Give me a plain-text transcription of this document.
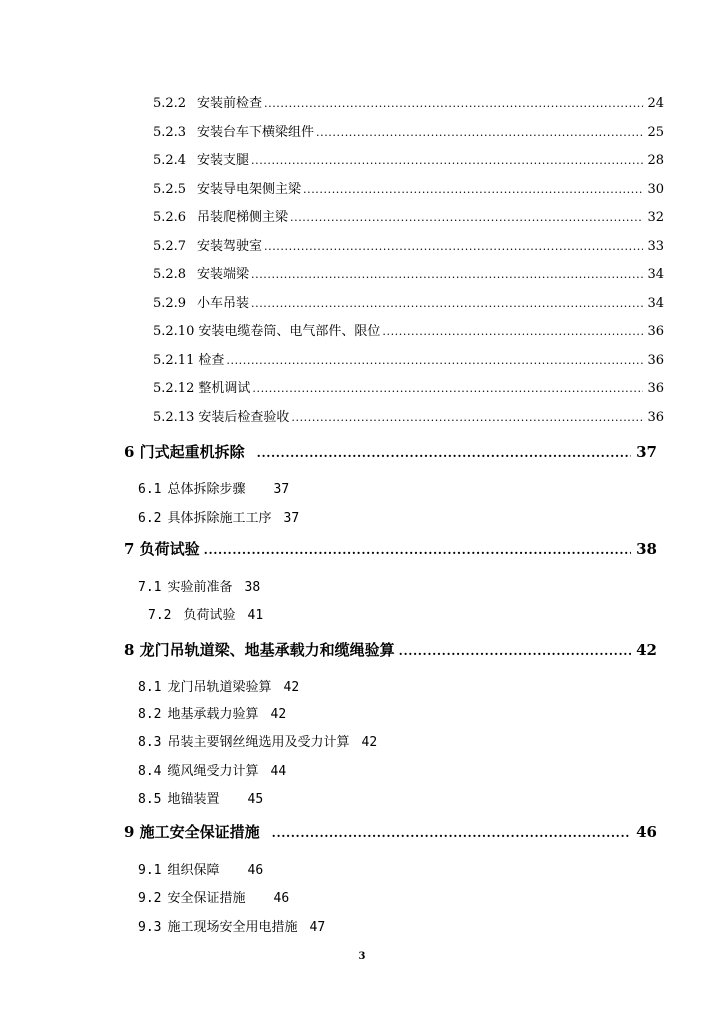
5.2.2 安装前检查 .....	24
5.2.3 安装台车下横梁组件 .....	25
5.2.4 安装支腿 .....	28
5.2.5 安装导电架侧主梁 .....	30
5.2.6 吊装爬梯侧主梁 .....	32
5.2.7 安装驾驶室 .....	33
5.2.8 安装端梁 .....	34
5.2.9 小车吊装 .....	34
5.2.10 安装电缆卷筒、电气部件、限位 .....	36
5.2.11 检查 .....	36
5.2.12 整机调试 .....	36
5.2.13 安装后检查验收 .....	36
6 门式起重机拆除 .....	37
6.1 总体拆除步骤 37
6.2 具体拆除施工工序 37
7 负荷试验 .....	38
7.1 实验前准备 38
7.2 负荷试验 41
8 龙门吊轨道梁、地基承载力和缆绳验算 .....	42
8.1 龙门吊轨道梁验算 42
8.2 地基承载力验算 42
8.3 吊装主要钢丝绳选用及受力计算 42
8.4 缆风绳受力计算 44
8.5 地锚装置 45
9 施工安全保证措施 .....	46
9.1 组织保障 46
9.2 安全保证措施 46
9.3 施工现场安全用电措施 47
3
